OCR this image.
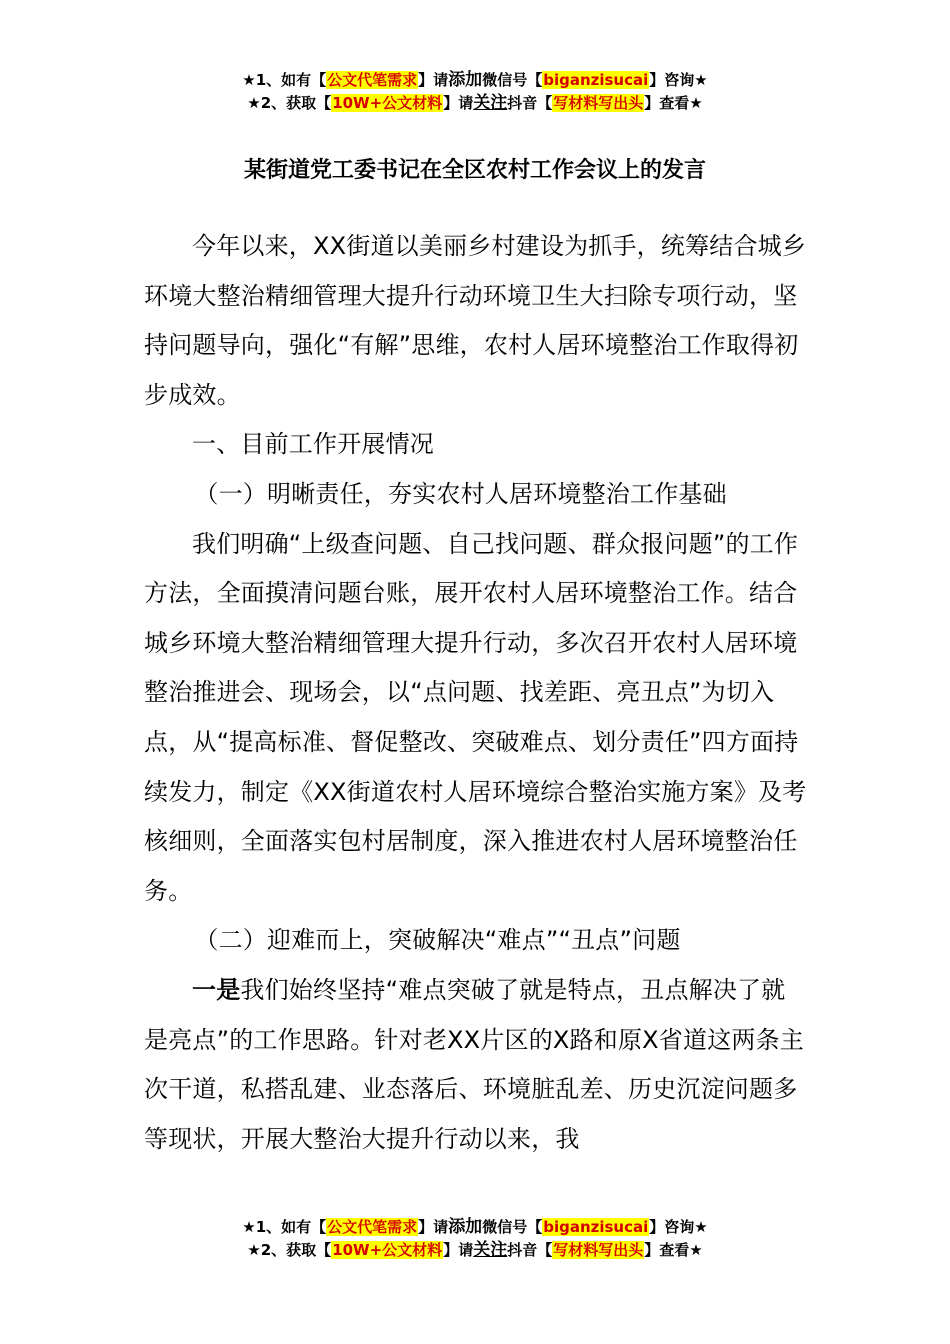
★1、如有【公文代笔需求】请添加微信号【biganzisucai】咨询★
★2、获取【10W+公文材料】请关注抖音【写材料写出头】查看★
某街道党工委书记在全区农村工作会议上的发言

今年以来，XX街道以美丽乡村建设为抓手，统筹结合城乡环境大整治精细管理大提升行动环境卫生大扫除专项行动，坚持问题导向，强化“有解”思维，农村人居环境整治工作取得初步成效。

一、目前工作开展情况

（一）明晰责任，夯实农村人居环境整治工作基础

我们明确“上级查问题、自己找问题、群众报问题”的工作方法，全面摸清问题台账，展开农村人居环境整治工作。结合城乡环境大整治精细管理大提升行动，多次召开农村人居环境整治推进会、现场会，以“点问题、找差距、亮丑点”为切入点，从“提高标准、督促整改、突破难点、划分责任”四方面持续发力，制定《XX街道农村人居环境综合整治实施方案》及考核细则，全面落实包村居制度，深入推进农村人居环境整治任务。

（二）迎难而上，突破解决“难点”“丑点”问题

一是我们始终坚持“难点突破了就是特点，丑点解决了就是亮点”的工作思路。针对老XX片区的X路和原X省道这两条主次干道，私搭乱建、业态落后、环境脏乱差、历史沉淀问题多等现状，开展大整治大提升行动以来，我

★1、如有【公文代笔需求】请添加微信号【biganzisucai】咨询★
★2、获取【10W+公文材料】请关注抖音【写材料写出头】查看★
